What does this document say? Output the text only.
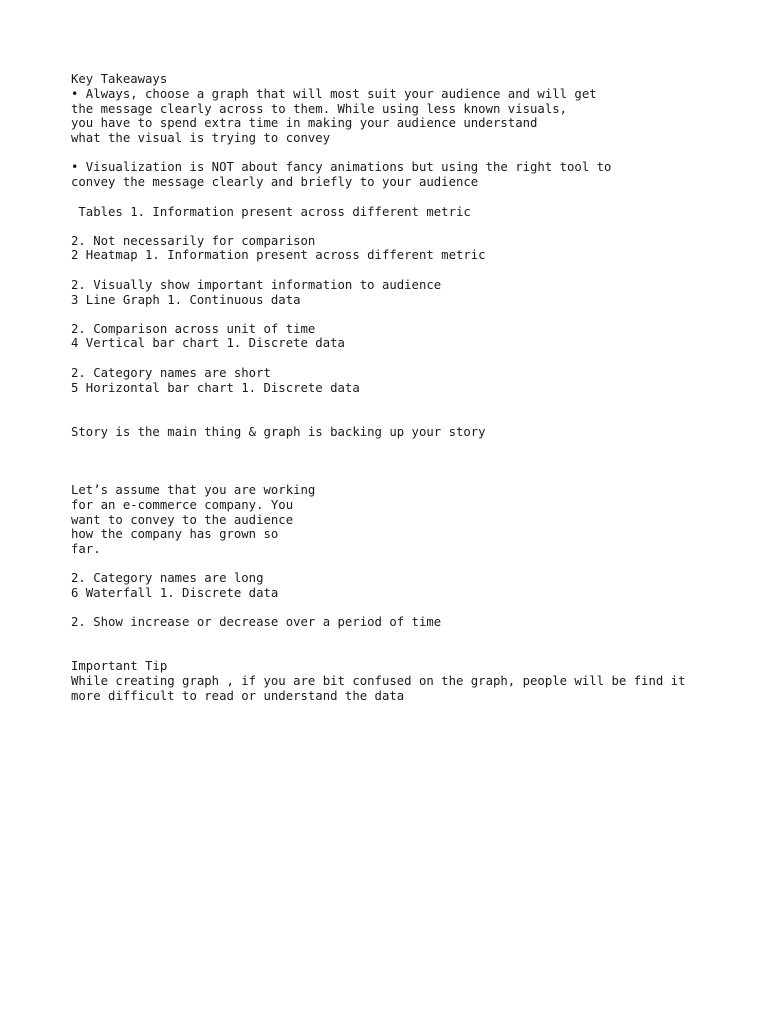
Key Takeaways
• Always, choose a graph that will most suit your audience and will get
the message clearly across to them. While using less known visuals,
you have to spend extra time in making your audience understand
what the visual is trying to convey
• Visualization is NOT about fancy animations but using the right tool to
convey the message clearly and briefly to your audience
Tables 1. Information present across different metric
2. Not necessarily for comparison
2 Heatmap 1. Information present across different metric
2. Visually show important information to audience
3 Line Graph 1. Continuous data
2. Comparison across unit of time
4 Vertical bar chart 1. Discrete data
2. Category names are short
5 Horizontal bar chart 1. Discrete data
Story is the main thing & graph is backing up your story
Let’s assume that you are working
for an e-commerce company. You
want to convey to the audience
how the company has grown so
far.
2. Category names are long
6 Waterfall 1. Discrete data
2. Show increase or decrease over a period of time
Important Tip
While creating graph , if you are bit confused on the graph, people will be find it
more difficult to read or understand the data
